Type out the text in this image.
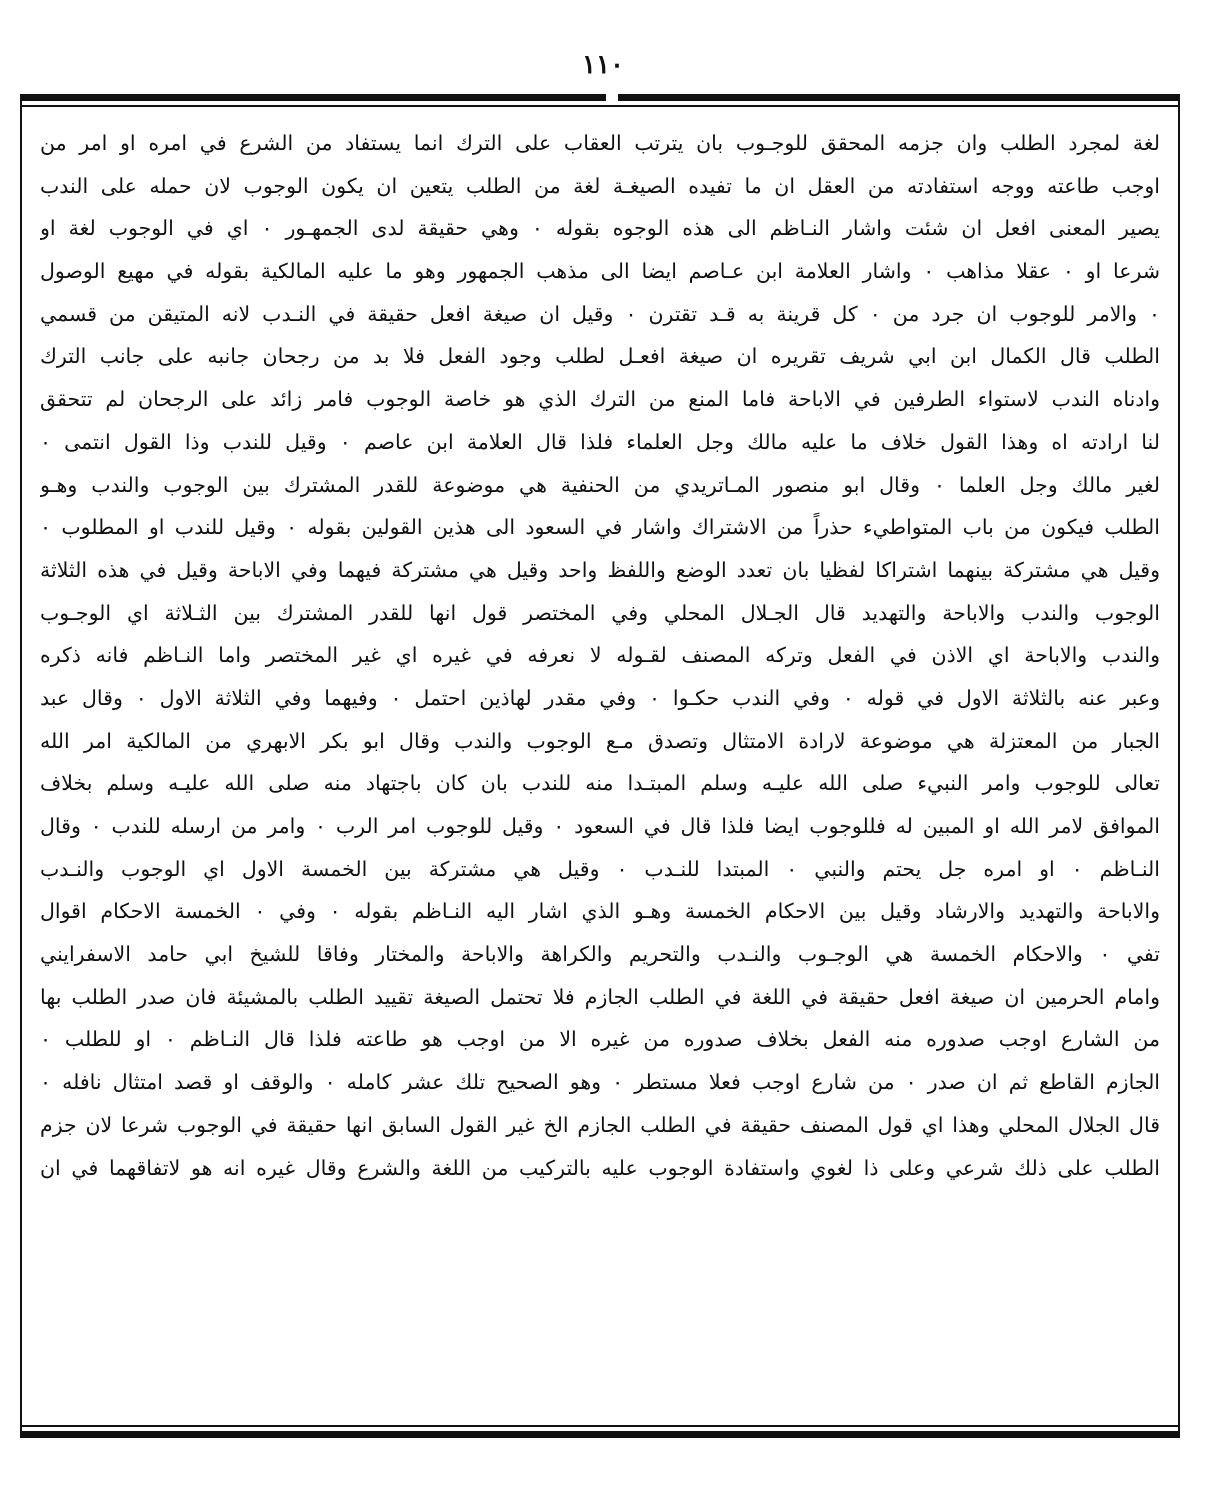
١١٠
لغة لمجرد الطلب وان جزمه المحقق للوجـوب بان يترتب العقاب على الترك انما يستفاد من الشرع في امره او امر من
اوجب طاعته ووجه استفادته من العقل ان ما تفيده الصيغـة لغة من الطلب يتعين ان يكون الوجوب لان حمله على الندب
يصير المعنى افعل ان شئت واشار النـاظم الى هذه الوجوه بقوله ٠ وهي حقيقة لدى الجمهـور ٠ اي في الوجوب لغة او
شرعا او ٠ عقلا مذاهب ٠ واشار العلامة ابن عـاصم ايضا الى مذهب الجمهور وهو ما عليه المالكية بقوله في مهيع الوصول
٠ والامر للوجوب ان جرد من ٠ كل قرينة به قـد تقترن ٠ وقيل ان صيغة افعل حقيقة في النـدب لانه المتيقن من قسمي
الطلب قال الكمال ابن ابي شريف تقريره ان صيغة افعـل لطلب وجود الفعل فلا بد من رجحان جانبه على جانب الترك
وادناه الندب لاستواء الطرفين في الاباحة فاما المنع من الترك الذي هو خاصة الوجوب فامر زائد على الرجحان لم تتحقق
لنا ارادته اه وهذا القول خلاف ما عليه مالك وجل العلماء فلذا قال العلامة ابن عاصم ٠ وقيل للندب وذا القول انتمى ٠
لغير مالك وجل العلما ٠ وقال ابو منصور المـاتريدي من الحنفية هي موضوعة للقدر المشترك بين الوجوب والندب وهـو
الطلب فيكون من باب المتواطيء حذراً من الاشتراك واشار في السعود الى هذين القولين بقوله ٠ وقيل للندب او المطلوب ٠
وقيل هي مشتركة بينهما اشتراكا لفظيا بان تعدد الوضع واللفظ واحد وقيل هي مشتركة فيهما وفي الاباحة وقيل في هذه الثلاثة
الوجوب والندب والاباحة والتهديد قال الجـلال المحلي وفي المختصر قول انها للقدر المشترك بين الثـلاثة اي الوجـوب
والندب والاباحة اي الاذن في الفعل وتركه المصنف لقـوله لا نعرفه في غيره اي غير المختصر واما النـاظم فانه ذكره
وعبر عنه بالثلاثة الاول في قوله ٠ وفي الندب حكـوا ٠ وفي مقدر لهاذين احتمل ٠ وفيهما وفي الثلاثة الاول ٠ وقال عبد
الجبار من المعتزلة هي موضوعة لارادة الامتثال وتصدق مـع الوجوب والندب وقال ابو بكر الابهري من المالكية امر الله
تعالى للوجوب وامر النبيء صلى الله عليـه وسلم المبتـدا منه للندب بان كان باجتهاد منه صلى الله عليـه وسلم بخلاف
الموافق لامر الله او المبين له فللوجوب ايضا فلذا قال في السعود ٠ وقيل للوجوب امر الرب ٠ وامر من ارسله للندب ٠ وقال
النـاظم ٠ او امره جل يحتم والنبي ٠ المبتدا للنـدب ٠ وقيل هي مشتركة بين الخمسة الاول اي الوجوب والنـدب
والاباحة والتهديد والارشاد وقيل بين الاحكام الخمسة وهـو الذي اشار اليه النـاظم بقوله ٠ وفي ٠ الخمسة الاحكام اقوال
تفي ٠ والاحكام الخمسة هي الوجـوب والنـدب والتحريم والكراهة والاباحة والمختار وفاقا للشيخ ابي حامد الاسفرايني
وامام الحرمين ان صيغة افعل حقيقة في اللغة في الطلب الجازم فلا تحتمل الصيغة تقييد الطلب بالمشيئة فان صدر الطلب بها
من الشارع اوجب صدوره منه الفعل بخلاف صدوره من غيره الا من اوجب هو طاعته فلذا قال النـاظم ٠ او للطلب ٠
الجازم القاطع ثم ان صدر ٠ من شارع اوجب فعلا مستطر ٠ وهو الصحيح تلك عشر كامله ٠ والوقف او قصد امتثال نافله ٠
قال الجلال المحلي وهذا اي قول المصنف حقيقة في الطلب الجازم الخ غير القول السابق انها حقيقة في الوجوب شرعا لان جزم
الطلب على ذلك شرعي وعلى ذا لغوي واستفادة الوجوب عليه بالتركيب من اللغة والشرع وقال غيره انه هو لاتفاقهما في ان
